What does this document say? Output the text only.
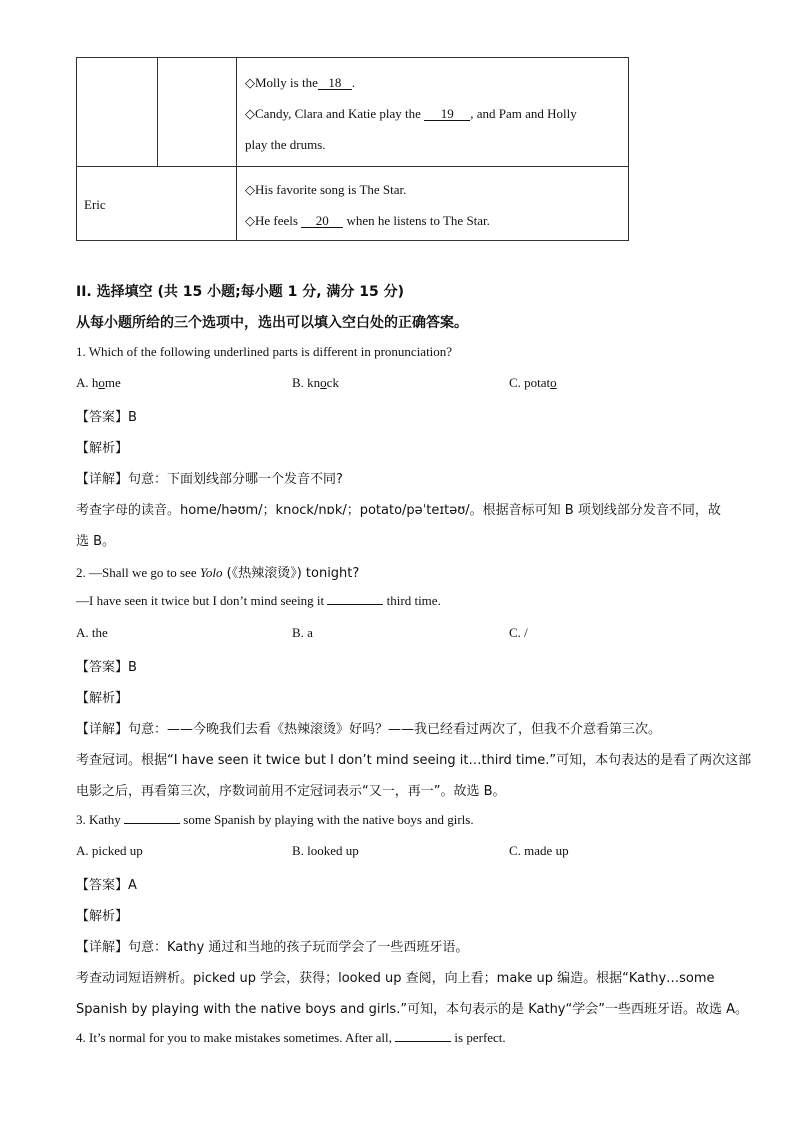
◇Molly is the 18 .
◇Candy, Clara and Katie play the 19 , and Pam and Holly
play the drums.
Eric
◇His favorite song is The Star.
◇He feels 20 when he listens to The Star.
II. 选择填空 (共 15 小题;每小题 1 分, 满分 15 分)
从每小题所给的三个选项中，选出可以填入空白处的正确答案。
1. Which of the following underlined parts is different in pronunciation?
A. home	B. knock	C. potato
【答案】B
【解析】
【详解】句意：下面划线部分哪一个发音不同?
考查字母的读音。home/həʊm/；knock/nɒk/；potato/pəˈteɪtəʊ/。根据音标可知 B 项划线部分发音不同，故
选 B。
2. —Shall we go to see Yolo (《热辣滚烫》) tonight?
—I have seen it twice but I don’t mind seeing it	third time.
A. the	B. a	C. /
【答案】B
【解析】
【详解】句意：——今晚我们去看《热辣滚烫》好吗？——我已经看过两次了，但我不介意看第三次。
考查冠词。根据“I have seen it twice but I don’t mind seeing it…third time.”可知，本句表达的是看了两次这部
电影之后，再看第三次，序数词前用不定冠词表示“又一，再一”。故选 B。
3. Kathy	some Spanish by playing with the native boys and girls.
A. picked up	B. looked up	C. made up
【答案】A
【解析】
【详解】句意：Kathy 通过和当地的孩子玩而学会了一些西班牙语。
考查动词短语辨析。picked up 学会，获得；looked up 查阅，向上看；make up 编造。根据“Kathy…some
Spanish by playing with the native boys and girls.”可知，本句表示的是 Kathy“学会”一些西班牙语。故选 A。
4. It’s normal for you to make mistakes sometimes. After all,	is perfect.
